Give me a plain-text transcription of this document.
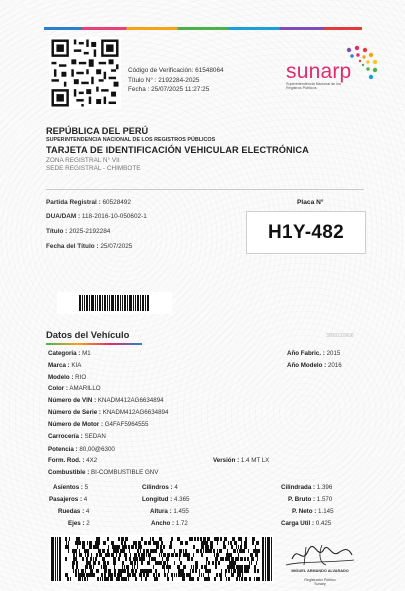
Código de Verificación: 61548064
Título N° : 2192284-2025
Fecha : 25/07/2025 11:27:25
sunarp
Superintendencia Nacional de los Registros Públicos
REPÚBLICA DEL PERÚ
SUPERINTENDENCIA NACIONAL DE LOS REGISTROS PÚBLICOS
TARJETA DE IDENTIFICACIÓN VEHICULAR ELECTRÓNICA
ZONA REGISTRAL N° VII
SEDE REGISTRAL - CHIMBOTE
Partida Registral : 60528492
DUA/DAM : 118-2016-10-050602-1
Título : 2025-2192284
Fecha del Título : 25/07/2025
Placa N°
H1Y-482
Datos del Vehículo	3000210606
Categoría : M1
Marca : KIA
Modelo : RIO
Color : AMARILLO
Número de VIN : KNADM412AG6634894
Número de Serie : KNADM412AG6634894
Número de Motor : G4FAF5964555
Carrocería : SEDAN
Potencia : 80,00@6300
Form. Rod. : 4X2
Combustible : BI-COMBUSTIBLE GNV
Año Fabric. : 2015
Año Modelo : 2016
Versión : 1.4 MT LX
Asientos : 5
Pasajeros : 4
Ruedas : 4
Ejes : 2
Cilindros : 4
Longitud : 4.365
Altura : 1.455
Ancho : 1.72
Cilindrada : 1.396
P. Bruto : 1.570
P. Neto : 1.145
Carga Util : 0.425
MIGUEL ARMANDO ALVARADO
Registrador Público
Sunarp
